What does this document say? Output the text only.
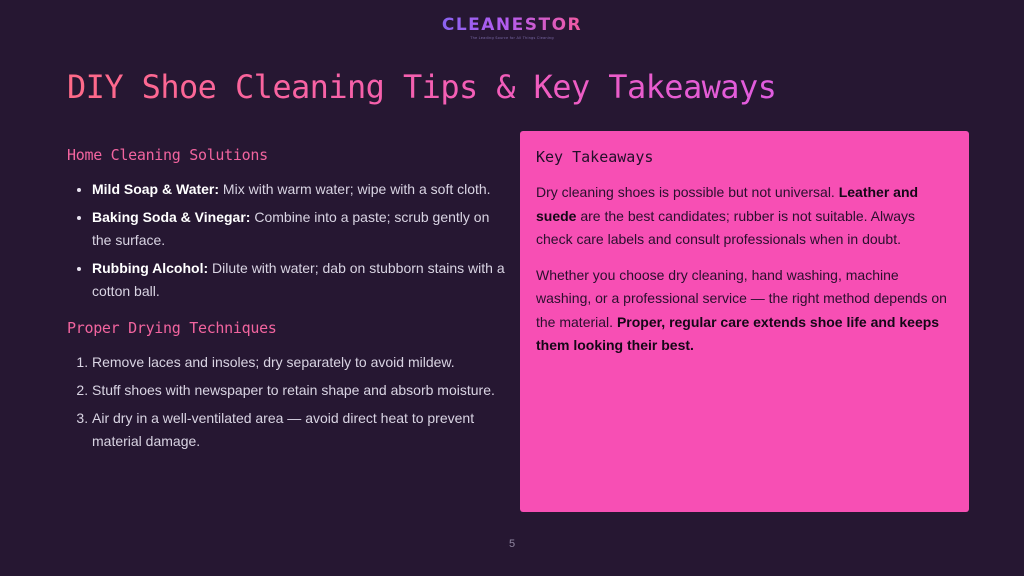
CLEANESTOR
The Leading Source for All Things Cleaning
DIY Shoe Cleaning Tips & Key Takeaways
Home Cleaning Solutions
• Mild Soap & Water: Mix with warm water; wipe with a soft cloth.
• Baking Soda & Vinegar: Combine into a paste; scrub gently on the surface.
• Rubbing Alcohol: Dilute with water; dab on stubborn stains with a cotton ball.
Proper Drying Techniques
1. Remove laces and insoles; dry separately to avoid mildew.
2. Stuff shoes with newspaper to retain shape and absorb moisture.
3. Air dry in a well-ventilated area — avoid direct heat to prevent material damage.
Key Takeaways

Dry cleaning shoes is possible but not universal. Leather and suede are the best candidates; rubber is not suitable. Always check care labels and consult professionals when in doubt.

Whether you choose dry cleaning, hand washing, machine washing, or a professional service — the right method depends on the material. Proper, regular care extends shoe life and keeps them looking their best.

5
